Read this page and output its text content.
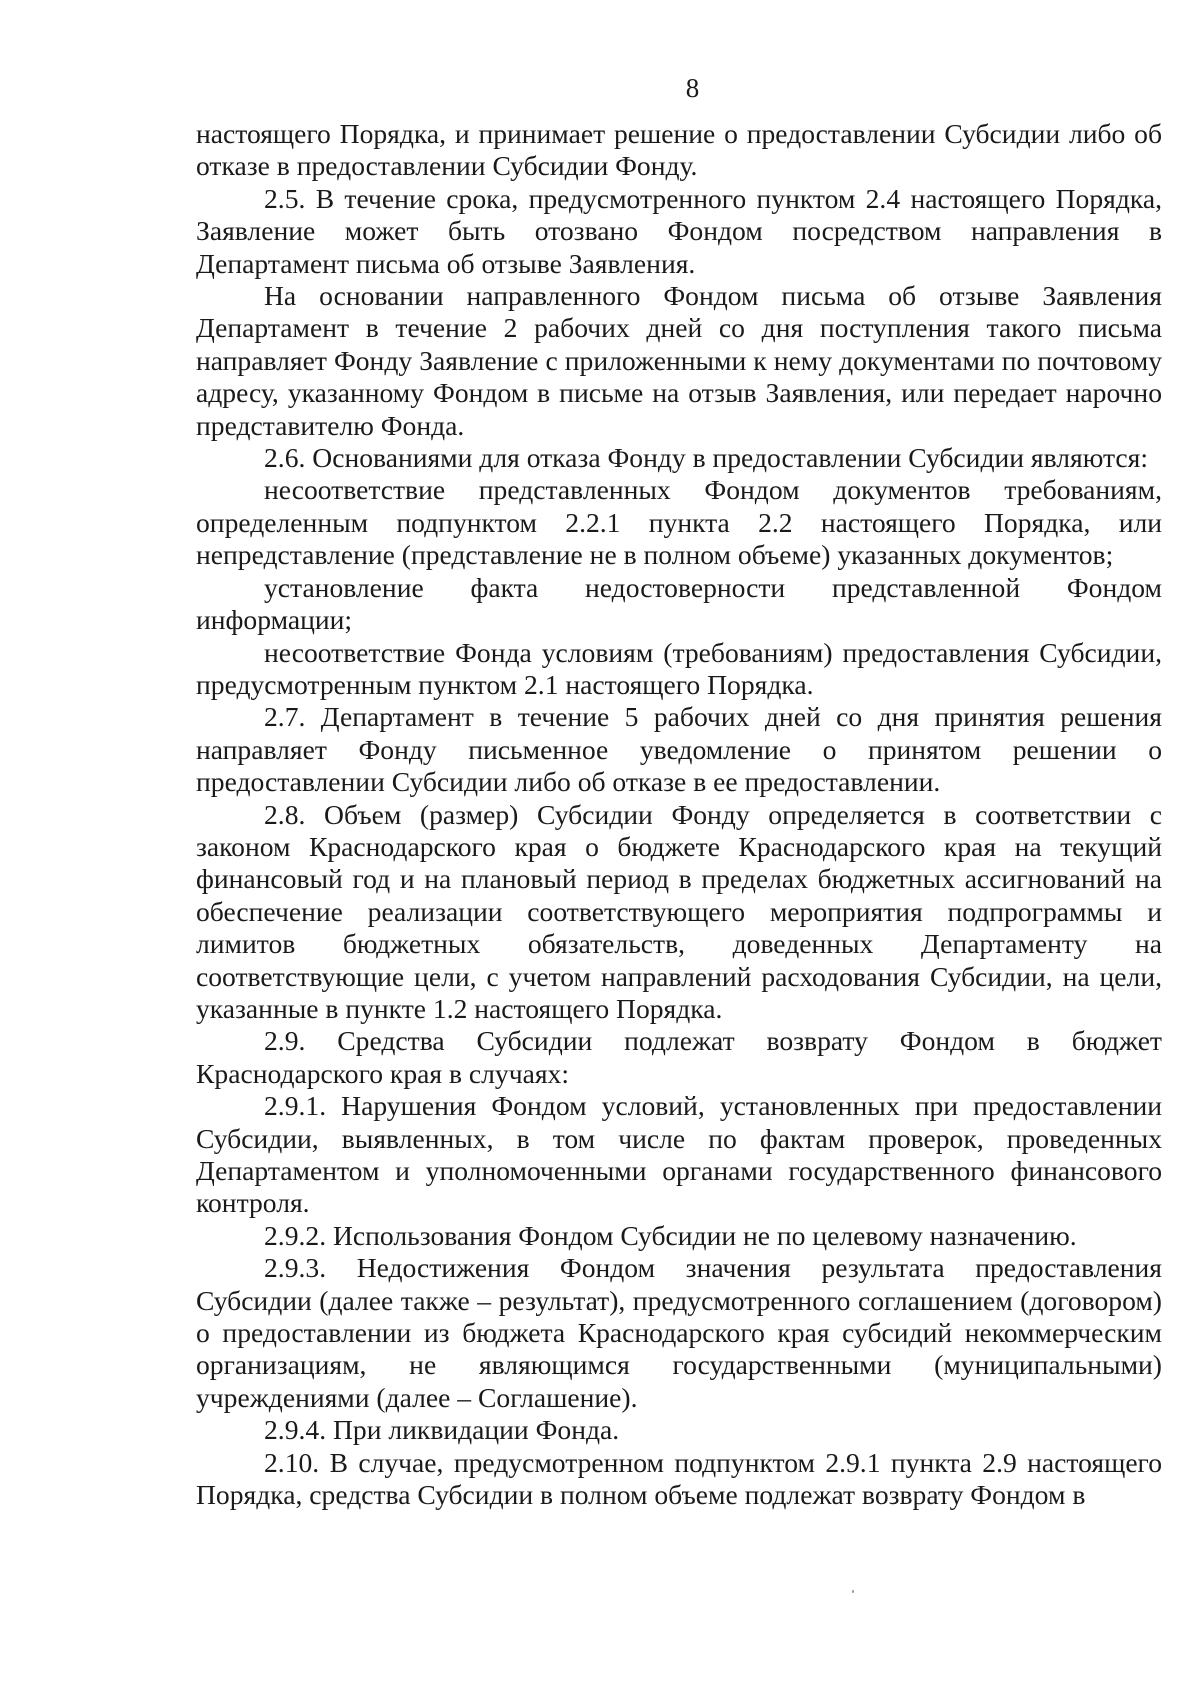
8

настоящего Порядка, и принимает решение о предоставлении Субсидии либо об отказе в предоставлении Субсидии Фонду.

2.5. В течение срока, предусмотренного пунктом 2.4 настоящего Порядка, Заявление может быть отозвано Фондом посредством направления в Департамент письма об отзыве Заявления.

На основании направленного Фондом письма об отзыве Заявления Департамент в течение 2 рабочих дней со дня поступления такого письма направляет Фонду Заявление с приложенными к нему документами по почтовому адресу, указанному Фондом в письме на отзыв Заявления, или передает нарочно представителю Фонда.

2.6. Основаниями для отказа Фонду в предоставлении Субсидии являются:

несоответствие представленных Фондом документов требованиям, определенным подпунктом 2.2.1 пункта 2.2 настоящего Порядка, или непредставление (представление не в полном объеме) указанных документов;

установление факта недостоверности представленной Фондом информации;

несоответствие Фонда условиям (требованиям) предоставления Субсидии, предусмотренным пунктом 2.1 настоящего Порядка.

2.7. Департамент в течение 5 рабочих дней со дня принятия решения направляет Фонду письменное уведомление о принятом решении о предоставлении Субсидии либо об отказе в ее предоставлении.

2.8. Объем (размер) Субсидии Фонду определяется в соответствии с законом Краснодарского края о бюджете Краснодарского края на текущий финансовый год и на плановый период в пределах бюджетных ассигнований на обеспечение реализации соответствующего мероприятия подпрограммы и лимитов бюджетных обязательств, доведенных Департаменту на соответствующие цели, с учетом направлений расходования Субсидии, на цели, указанные в пункте 1.2 настоящего Порядка.

2.9. Средства Субсидии подлежат возврату Фондом в бюджет Краснодарского края в случаях:

2.9.1. Нарушения Фондом условий, установленных при предоставлении Субсидии, выявленных, в том числе по фактам проверок, проведенных Департаментом и уполномоченными органами государственного финансового контроля.

2.9.2. Использования Фондом Субсидии не по целевому назначению.

2.9.3. Недостижения Фондом значения результата предоставления Субсидии (далее также – результат), предусмотренного соглашением (договором) о предоставлении из бюджета Краснодарского края субсидий некоммерческим организациям, не являющимся государственными (муниципальными) учреждениями (далее – Соглашение).

2.9.4. При ликвидации Фонда.

2.10. В случае, предусмотренном подпунктом 2.9.1 пункта 2.9 настоящего Порядка, средства Субсидии в полном объеме подлежат возврату Фондом в
